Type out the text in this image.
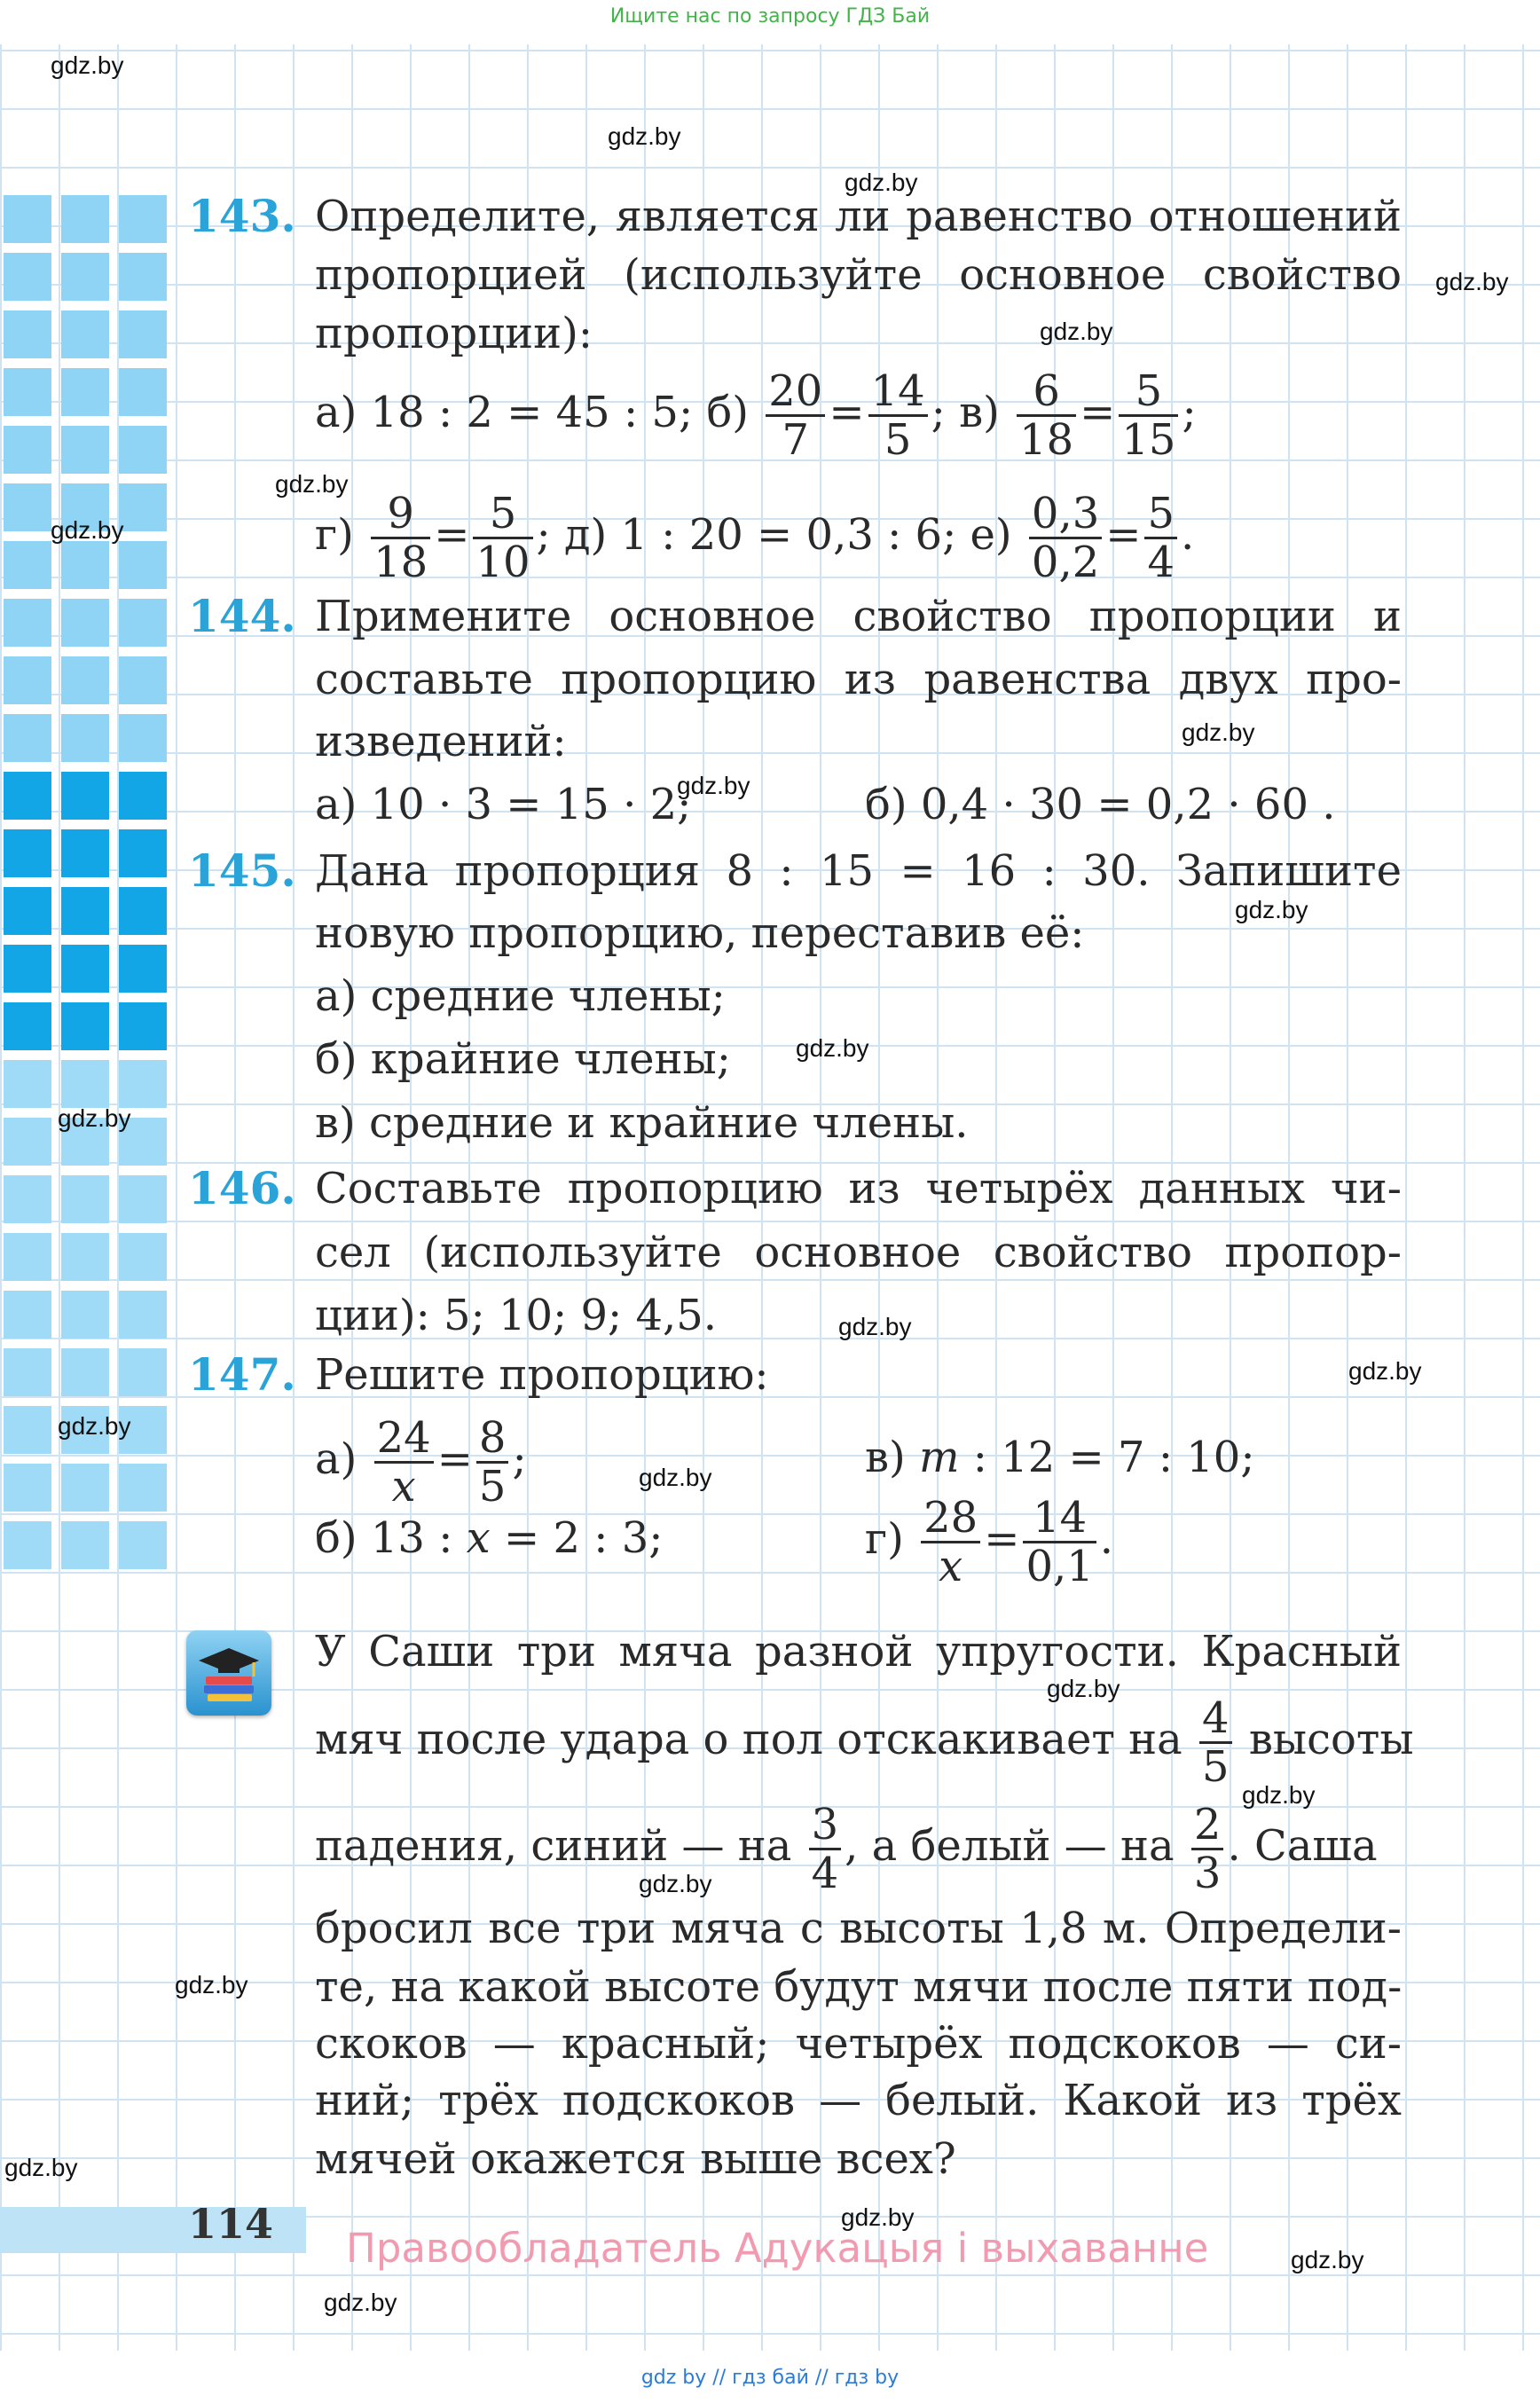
Ищите нас по запросу ГДЗ Бай
gdz.by
gdz.by
gdz.by
gdz.by
gdz.by
gdz.by
gdz.by
gdz.by
gdz.by
gdz.by
gdz.by
gdz.by
gdz.by
gdz.by
gdz.by
gdz.by
gdz.by
gdz.by
gdz.by
gdz.by
gdz.by
gdz.by
gdz.by
gdz.by
143. Определите, является ли равенство отношений
пропорцией (используйте основное свойство
пропорции):
а) 18 : 2 = 45 : 5; $б) \frac{20}{7} = \frac{14}{5}$ ; $в) \frac{6}{18} = \frac{5}{15}$ ;
$г) \frac{9}{18} = \frac{5}{10}$ ; д) 1 : 20 = 0,3 : 6; $е) \frac{0,3}{0,2} = \frac{5}{4}$ .
144. Примените основное свойство пропорции и
составьте пропорцию из равенства двух про-
изведений:
а) 10 · 3 = 15 · 2;	б) 0,4 · 30 = 0,2 · 60 .
145. Дана пропорция 8 : 15 = 16 : 30. Запишите
новую пропорцию, переставив её:
а) средние члены;
б) крайние члены;
в) средние и крайние члены.
146. Составьте пропорцию из четырёх данных чи-
сел (используйте основное свойство пропор-
ции): 5; 10; 9; 4,5.
147. Решите пропорцию:
$а) \frac{24}{x} = \frac{8}{5}$ ;	в) m : 12 = 7 : 10;
б) 13 : x = 2 : 3;	$г) \frac{28}{x} = \frac{14}{0,1}$ .
У Саши три мяча разной упругости. Красный
мяч после удара о пол отскакивает на $\frac{4}{5}$ высоты
падения, синий — на $\frac{3}{4}$ , а белый — на $\frac{2}{3}$ . Саша
бросил все три мяча с высоты 1,8 м. Определи-
те, на какой высоте будут мячи после пяти под-
скоков — красный; четырёх подскоков — си-
ний; трёх подскоков — белый. Какой из трёх
мячей окажется выше всех?
114
Правообладатель Адукацыя і выхаванне
gdz by // гдз бай // гдз by
